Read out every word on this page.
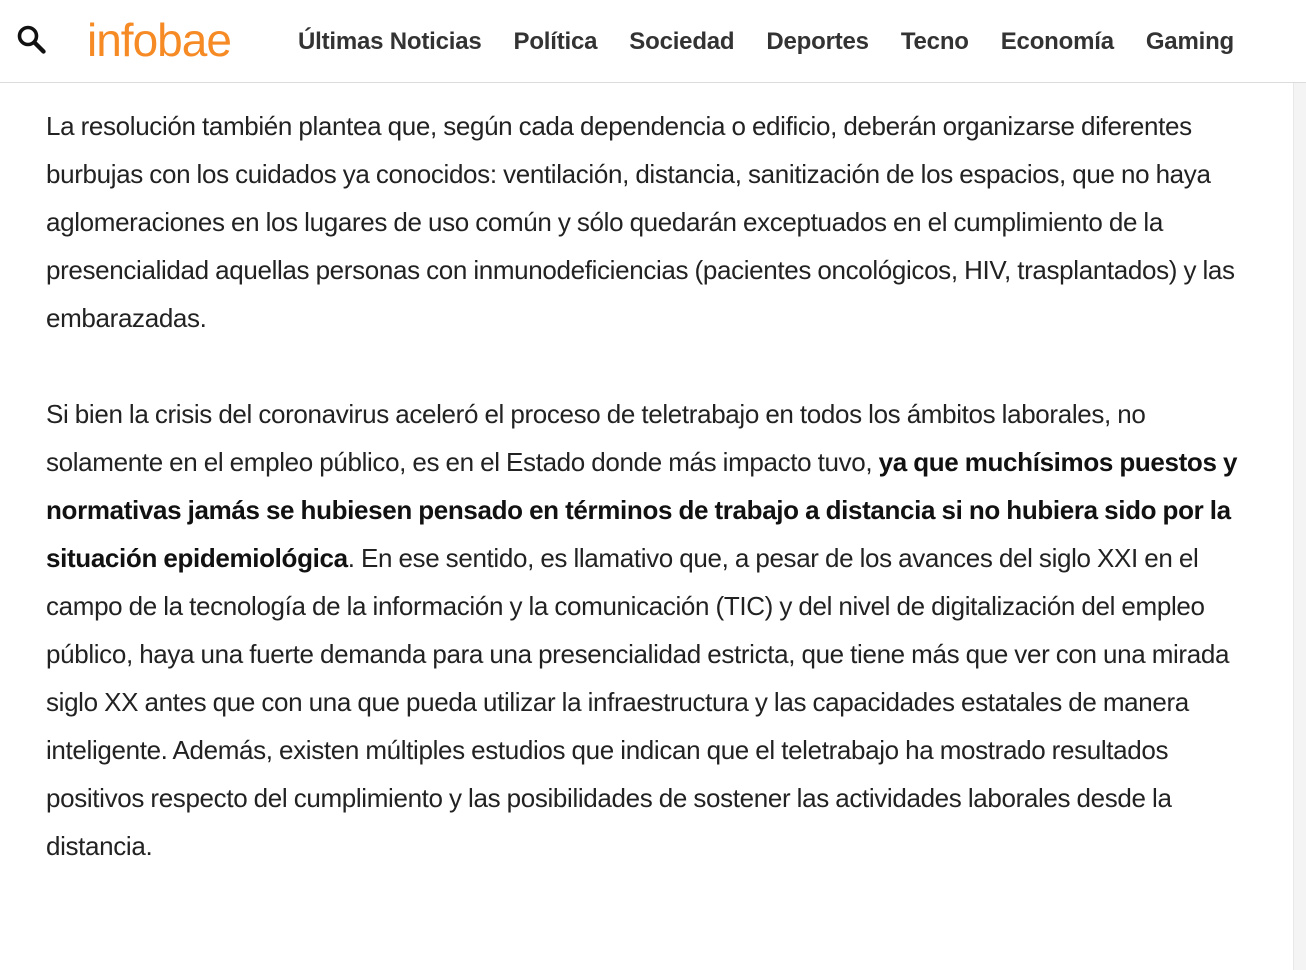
infobae	Últimas Noticias Política Sociedad Deportes Tecno Economía Gaming

La resolución también plantea que, según cada dependencia o edificio, deberán organizarse diferentes burbujas con los cuidados ya conocidos: ventilación, distancia, sanitización de los espacios, que no haya aglomeraciones en los lugares de uso común y sólo quedarán exceptuados en el cumplimiento de la presencialidad aquellas personas con inmunodeficiencias (pacientes oncológicos, HIV, trasplantados) y las embarazadas.

Si bien la crisis del coronavirus aceleró el proceso de teletrabajo en todos los ámbitos laborales, no solamente en el empleo público, es en el Estado donde más impacto tuvo, ya que muchísimos puestos y normativas jamás se hubiesen pensado en términos de trabajo a distancia si no hubiera sido por la situación epidemiológica. En ese sentido, es llamativo que, a pesar de los avances del siglo XXI en el campo de la tecnología de la información y la comunicación (TIC) y del nivel de digitalización del empleo público, haya una fuerte demanda para una presencialidad estricta, que tiene más que ver con una mirada siglo XX antes que con una que pueda utilizar la infraestructura y las capacidades estatales de manera inteligente. Además, existen múltiples estudios que indican que el teletrabajo ha mostrado resultados positivos respecto del cumplimiento y las posibilidades de sostener las actividades laborales desde la distancia.
